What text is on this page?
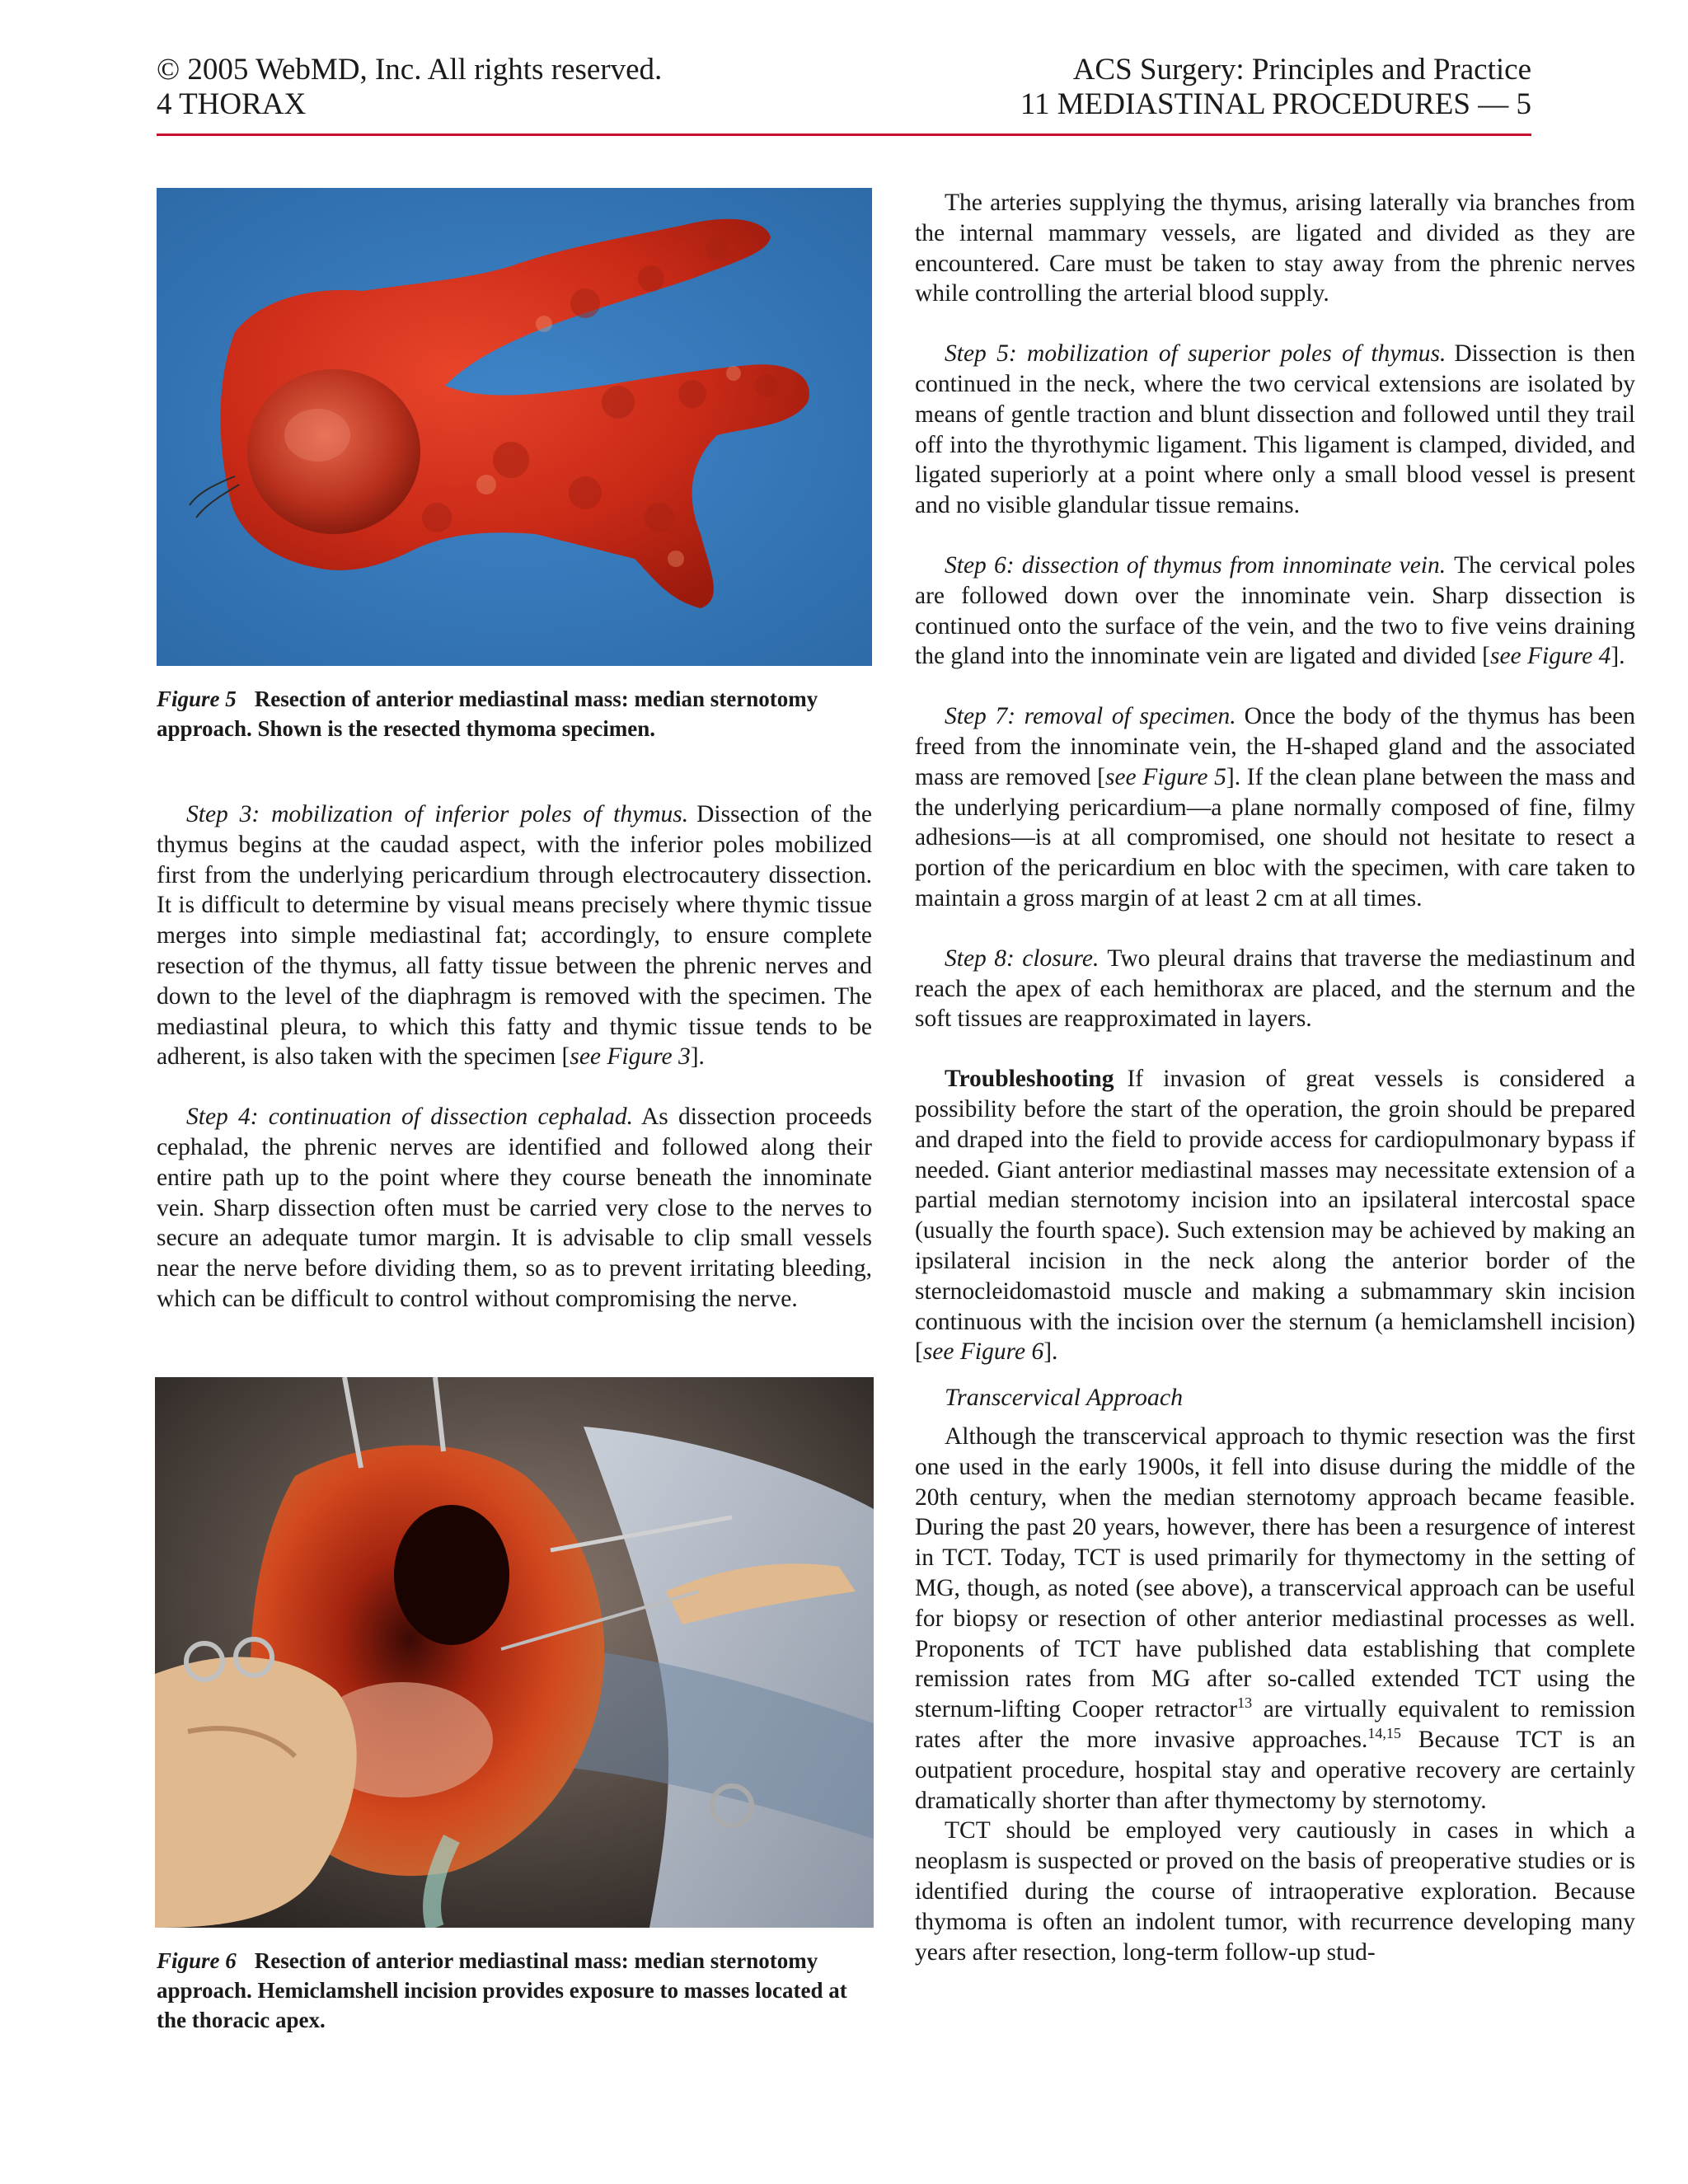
© 2005 WebMD, Inc. All rights reserved.
4 THORAX
ACS Surgery: Principles and Practice
11 MEDIASTINAL PROCEDURES — 5
Figure 5 Resection of anterior mediastinal mass: median sternotomy approach. Shown is the resected thymoma specimen.

Step 3: mobilization of inferior poles of thymus. Dissection of the thymus begins at the caudad aspect, with the inferior poles mobilized first from the underlying pericardium through electrocautery dissection. It is difficult to determine by visual means precisely where thymic tissue merges into simple mediastinal fat; accordingly, to ensure complete resection of the thymus, all fatty tissue between the phrenic nerves and down to the level of the diaphragm is removed with the specimen. The mediastinal pleura, to which this fatty and thymic tissue tends to be adherent, is also taken with the specimen [see Figure 3].

Step 4: continuation of dissection cephalad. As dissection proceeds cephalad, the phrenic nerves are identified and followed along their entire path up to the point where they course beneath the innominate vein. Sharp dissection often must be carried very close to the nerves to secure an adequate tumor margin. It is advisable to clip small vessels near the nerve before dividing them, so as to prevent irritating bleeding, which can be difficult to control without compromising the nerve.

Figure 6 Resection of anterior mediastinal mass: median sternotomy approach. Hemiclamshell incision provides exposure to masses located at the thoracic apex.

The arteries supplying the thymus, arising laterally via branches from the internal mammary vessels, are ligated and divided as they are encountered. Care must be taken to stay away from the phrenic nerves while controlling the arterial blood supply.

Step 5: mobilization of superior poles of thymus. Dissection is then continued in the neck, where the two cervical extensions are isolated by means of gentle traction and blunt dissection and followed until they trail off into the thyrothymic ligament. This ligament is clamped, divided, and ligated superiorly at a point where only a small blood vessel is present and no visible glandular tissue remains.

Step 6: dissection of thymus from innominate vein. The cervical poles are followed down over the innominate vein. Sharp dissection is continued onto the surface of the vein, and the two to five veins draining the gland into the innominate vein are ligated and divided [see Figure 4].

Step 7: removal of specimen. Once the body of the thymus has been freed from the innominate vein, the H-shaped gland and the associated mass are removed [see Figure 5]. If the clean plane between the mass and the underlying pericardium—a plane normally composed of fine, filmy adhesions—is at all compromised, one should not hesitate to resect a portion of the pericardium en bloc with the specimen, with care taken to maintain a gross margin of at least 2 cm at all times.

Step 8: closure. Two pleural drains that traverse the mediastinum and reach the apex of each hemithorax are placed, and the sternum and the soft tissues are reapproximated in layers.

Troubleshooting If invasion of great vessels is considered a possibility before the start of the operation, the groin should be prepared and draped into the field to provide access for cardiopulmonary bypass if needed. Giant anterior mediastinal masses may necessitate extension of a partial median sternotomy incision into an ipsilateral intercostal space (usually the fourth space). Such extension may be achieved by making an ipsilateral incision in the neck along the anterior border of the sternocleidomastoid muscle and making a submammary skin incision continuous with the incision over the sternum (a hemiclamshell incision) [see Figure 6].

Transcervical Approach

Although the transcervical approach to thymic resection was the first one used in the early 1900s, it fell into disuse during the middle of the 20th century, when the median sternotomy approach became feasible. During the past 20 years, however, there has been a resurgence of interest in TCT. Today, TCT is used primarily for thymectomy in the setting of MG, though, as noted (see above), a transcervical approach can be useful for biopsy or resection of other anterior mediastinal processes as well. Proponents of TCT have published data establishing that complete remission rates from MG after so-called extended TCT using the sternum-lifting Cooper retractor$^{13}$ are virtually equivalent to remission rates after the more invasive approaches.$^{14,15}$ Because TCT is an outpatient procedure, hospital stay and operative recovery are certainly dramatically shorter than after thymectomy by sternotomy.

TCT should be employed very cautiously in cases in which a neoplasm is suspected or proved on the basis of preoperative studies or is identified during the course of intraoperative exploration. Because thymoma is often an indolent tumor, with recurrence developing many years after resection, long-term follow-up stud-
